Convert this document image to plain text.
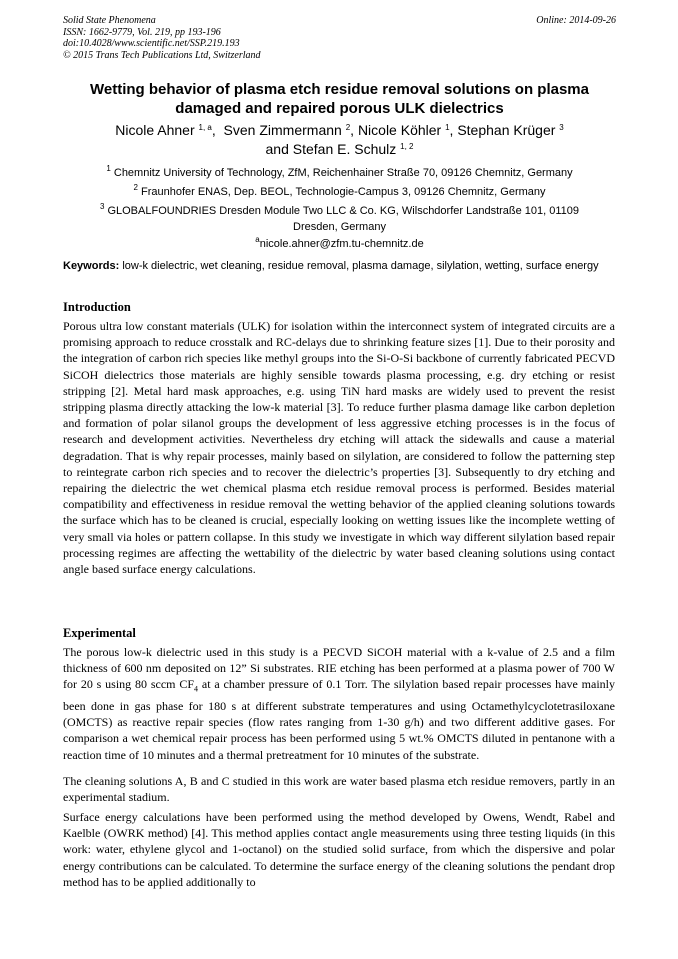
Solid State Phenomena
ISSN: 1662-9779, Vol. 219, pp 193-196
doi:10.4028/www.scientific.net/SSP.219.193
© 2015 Trans Tech Publications Ltd, Switzerland
Online: 2014-09-26
Wetting behavior of plasma etch residue removal solutions on plasma damaged and repaired porous ULK dielectrics
Nicole Ahner $^{1, a}$,  Sven Zimmermann $^2$, Nicole Köhler $^1$, Stephan Krüger $^3$
and Stefan E. Schulz $^{1, 2}$
$^1$ Chemnitz University of Technology, ZfM, Reichenhainer Straße 70, 09126 Chemnitz, Germany
$^2$ Fraunhofer ENAS, Dep. BEOL, Technologie-Campus 3, 09126 Chemnitz, Germany
$^3$ GLOBALFOUNDRIES Dresden Module Two LLC & Co. KG, Wilschdorfer Landstraße 101, 01109
Dresden, Germany
$^a$nicole.ahner@zfm.tu-chemnitz.de
Keywords: low-k dielectric, wet cleaning, residue removal, plasma damage, silylation, wetting, surface energy
Introduction
Porous ultra low constant materials (ULK) for isolation within the interconnect system of integrated circuits are a promising approach to reduce crosstalk and RC-delays due to shrinking feature sizes [1]. Due to their porosity and the integration of carbon rich species like methyl groups into the Si-O-Si backbone of currently fabricated PECVD SiCOH dielectrics those materials are highly sensible towards plasma processing, e.g. dry etching or resist stripping [2]. Metal hard mask approaches, e.g. using TiN hard masks are widely used to prevent the resist stripping plasma directly attacking the low-k material [3]. To reduce further plasma damage like carbon depletion and formation of polar silanol groups the development of less aggressive etching processes is in the focus of research and development activities. Nevertheless dry etching will attack the sidewalls and cause a material degradation. That is why repair processes, mainly based on silylation, are considered to follow the patterning step to reintegrate carbon rich species and to recover the dielectric’s properties [3]. Subsequently to dry etching and repairing the dielectric the wet chemical plasma etch residue removal process is performed. Besides material compatibility and effectiveness in residue removal the wetting behavior of the applied cleaning solutions towards the surface which has to be cleaned is crucial, especially looking on wetting issues like the incomplete wetting of very small via holes or pattern collapse. In this study we investigate in which way different silylation based repair processing regimes are affecting the wettability of the dielectric by water based cleaning solutions using contact angle based surface energy calculations.
Experimental
The porous low-k dielectric used in this study is a PECVD SiCOH material with a k-value of 2.5 and a film thickness of 600 nm deposited on 12” Si substrates. RIE etching has been performed at a plasma power of 700 W for 20 s using 80 sccm $CF_4$ at a chamber pressure of 0.1 Torr. The silylation based repair processes have mainly been done in gas phase for 180 s at different substrate temperatures and using Octamethylcyclotetrasiloxane (OMCTS) as reactive repair species (flow rates ranging from 1-30 g/h) and two different additive gases. For comparison a wet chemical repair process has been performed using 5 wt.% OMCTS diluted in pentanone with a reaction time of 10 minutes and a thermal pretreatment for 10 minutes of the substrate.
The cleaning solutions A, B and C studied in this work are water based plasma etch residue removers, partly in an experimental stadium.
Surface energy calculations have been performed using the method developed by Owens, Wendt, Rabel and Kaelble (OWRK method) [4]. This method applies contact angle measurements using three testing liquids (in this work: water, ethylene glycol and 1-octanol) on the studied solid surface, from which the dispersive and polar energy contributions can be calculated. To determine the surface energy of the cleaning solutions the pendant drop method has to be applied additionally to
